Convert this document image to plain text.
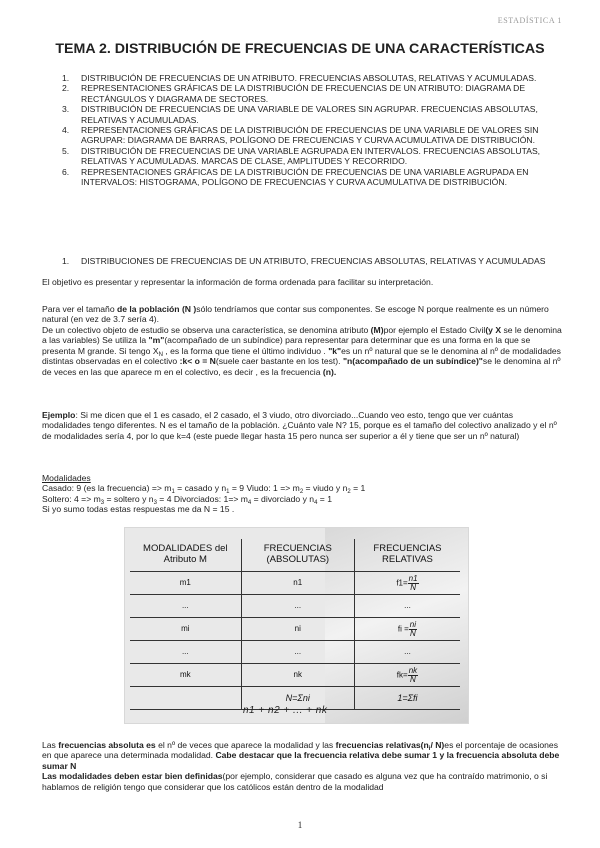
ESTADÍSTICA 1
TEMA 2. DISTRIBUCIÓN DE FRECUENCIAS DE UNA CARACTERÍSTICAS
1.	DISTRIBUCIÓN DE FRECUENCIAS DE UN ATRIBUTO. FRECUENCIAS ABSOLUTAS, RELATIVAS Y ACUMULADAS.
2.	REPRESENTACIONES GRÁFICAS DE LA DISTRIBUCIÓN DE FRECUENCIAS DE UN ATRIBUTO: DIAGRAMA DE RECTÁNGULOS Y DIAGRAMA DE SECTORES.
3.	DISTRIBUCIÓN DE FRECUENCIAS DE UNA VARIABLE DE VALORES SIN AGRUPAR. FRECUENCIAS ABSOLUTAS, RELATIVAS Y ACUMULADAS.
4.	REPRESENTACIONES GRÁFICAS DE LA DISTRIBUCIÓN DE FRECUENCIAS DE UNA VARIABLE DE VALORES SIN AGRUPAR: DIAGRAMA DE BARRAS, POLÍGONO DE FRECUENCIAS Y CURVA ACUMULATIVA DE DISTRIBUCIÓN.
5.	DISTRIBUCIÓN DE FRECUENCIAS DE UNA VARIABLE AGRUPADA EN INTERVALOS. FRECUENCIAS ABSOLUTAS, RELATIVAS Y ACUMULADAS. MARCAS DE CLASE, AMPLITUDES Y RECORRIDO.
6.	REPRESENTACIONES GRÁFICAS DE LA DISTRIBUCIÓN DE FRECUENCIAS DE UNA VARIABLE AGRUPADA EN INTERVALOS: HISTOGRAMA, POLÍGONO DE FRECUENCIAS Y CURVA ACUMULATIVA DE DISTRIBUCIÓN.
1.	DISTRIBUCIONES DE FRECUENCIAS DE UN ATRIBUTO, FRECUENCIAS ABSOLUTAS, RELATIVAS Y ACUMULADAS

El objetivo es presentar y representar la información de forma ordenada para facilitar su interpretación.

Para ver el tamaño de la población (N )sólo tendríamos que contar sus componentes. Se escoge N porque realmente es un número natural (en vez de 3.7 sería 4).

De un colectivo objeto de estudio se observa una característica, se denomina atributo (M)por ejemplo el Estado Civil(y X se le denomina a las variables) Se utiliza la "m"(acompañado de un subíndice) para representar para determinar que es una forma en la que se presenta M grande. Si tengo $X_N$ , es la forma que tiene el último individuo . "k"es un nº natural que se le denomina al nº de modalidades distintas observadas en el colectivo :k< o = N(suele caer bastante en los test). "n(acompañado de un subíndice)"se le denomina al nº de veces en las que aparece m en el colectivo, es decir , es la frecuencia (n).

Ejemplo: Si me dicen que el 1 es casado, el 2 casado, el 3 viudo, otro divorciado...Cuando veo esto, tengo que ver cuántas modalidades tengo diferentes. N es el tamaño de la población. ¿Cuánto vale N? 15, porque es el tamaño del colectivo analizado y el nº de modalidades sería 4, por lo que k=4 (este puede llegar hasta 15 pero nunca ser superior a él y tiene que ser un nº natural)

Modalidades

Casado: 9 (es la frecuencia) => $m_1$ = casado y $n_1 = 9$ Viudo: $1 => m_2$ = viudo y $n_2 = 1$

Soltero: $4 => m_3$ = soltero y $n_3 = 4$ Divorciados: $1=> m_4$ = divorciado y $n_4 = 1$

Si yo sumo todas estas respuestas me da N = 15 .

MODALIDADES del Atributo M	FRECUENCIAS (ABSOLUTAS)	FRECUENCIAS RELATIVAS
m1	n1	$f1= \frac{n1}{N}$

...	...	...
mi	ni	fi = $\frac{ni}{N}$

...	...	...
mk	nk	$fk= \frac{nk}{N}$

	N=Σni	1=Σfi
n1 + n2 + ... + nk

Las frecuencias absoluta es el nº de veces que aparece la modalidad y las frecuencias $relativas(n_i/$ N)es el porcentaje de ocasiones en que aparece una determinada modalidad. Cabe destacar que la frecuencia relativa debe sumar 1 y la frecuencia absoluta debe sumar N

Las modalidades deben estar bien definidas(por ejemplo, considerar que casado es alguna vez que ha contraído matrimonio, o si hablamos de religión tengo que considerar que los católicos están dentro de la modalidad

1
